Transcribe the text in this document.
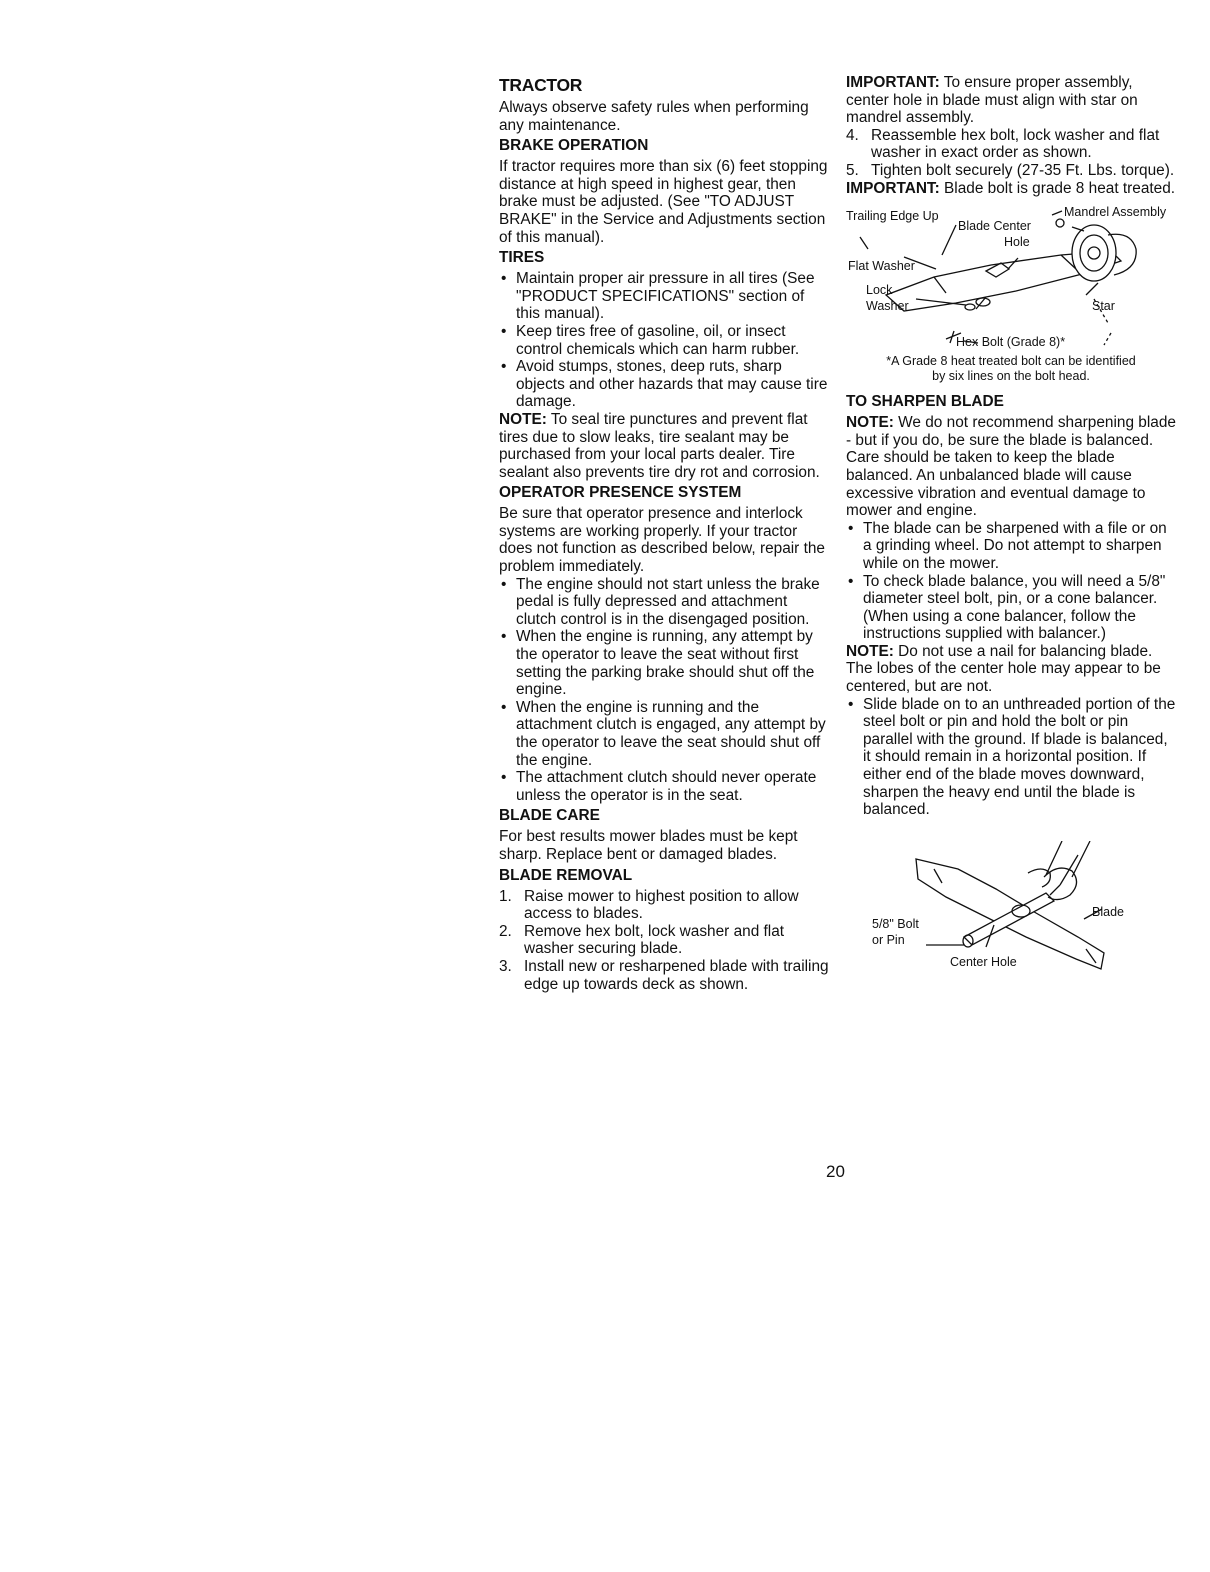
TRACTOR

Always observe safety rules when performing any maintenance.

BRAKE OPERATION

If tractor requires more than six (6) feet stopping distance at high speed in highest gear, then brake must be adjusted. (See "TO ADJUST BRAKE" in the Service and Adjustments section of this manual).

TIRES
• Maintain proper air pressure in all tires (See "PRODUCT SPECIFICATIONS" section of this manual).
• Keep tires free of gasoline, oil, or insect control chemicals which can harm rubber.
• Avoid stumps, stones, deep ruts, sharp objects and other hazards that may cause tire damage.

NOTE: To seal tire punctures and prevent flat tires due to slow leaks, tire sealant may be purchased from your local parts dealer. Tire sealant also prevents tire dry rot and corrosion.

OPERATOR PRESENCE SYSTEM

Be sure that operator presence and interlock systems are working properly. If your tractor does not function as described below, repair the problem immediately.

• The engine should not start unless the brake pedal is fully depressed and attachment clutch control is in the disengaged position.
• When the engine is running, any attempt by the operator to leave the seat without first setting the parking brake should shut off the engine.
• When the engine is running and the attachment clutch is engaged, any attempt by the operator to leave the seat should shut off the engine.
• The attachment clutch should never operate unless the operator is in the seat.
BLADE CARE

For best results mower blades must be kept sharp. Replace bent or damaged blades.

BLADE REMOVAL
1. Raise mower to highest position to allow access to blades.
2. Remove hex bolt, lock washer and flat washer securing blade.
3. Install new or resharpened blade with trailing edge up towards deck as shown.

IMPORTANT: To ensure proper assembly, center hole in blade must align with star on mandrel assembly.

4. Reassemble hex bolt, lock washer and flat washer in exact order as shown.
5. Tighten bolt securely (27-35 Ft. Lbs. torque).

IMPORTANT: Blade bolt is grade 8 heat treated.

Trailing Edge Up
Blade Center
Hole
Mandrel Assembly
Flat Washer
Lock
Washer	Star
Hex Bolt (Grade 8)*
*A Grade 8 heat treated bolt can be identified
by six lines on the bolt head.
TO SHARPEN BLADE

NOTE: We do not recommend sharpening blade - but if you do, be sure the blade is balanced.

Care should be taken to keep the blade balanced. An unbalanced blade will cause excessive vibration and eventual damage to mower and engine.

• The blade can be sharpened with a file or on a grinding wheel. Do not attempt to sharpen while on the mower.
• To check blade balance, you will need a 5/8" diameter steel bolt, pin, or a cone balancer. (When using a cone balancer, follow the instructions supplied with balancer.)

NOTE: Do not use a nail for balancing blade. The lobes of the center hole may appear to be centered, but are not.

• Slide blade on to an unthreaded portion of the steel bolt or pin and hold the bolt or pin parallel with the ground. If blade is balanced, it should remain in a horizontal position. If either end of the blade moves downward, sharpen the heavy end until the blade is balanced.
5/8" Bolt
or Pin
Blade
Center Hole
20
